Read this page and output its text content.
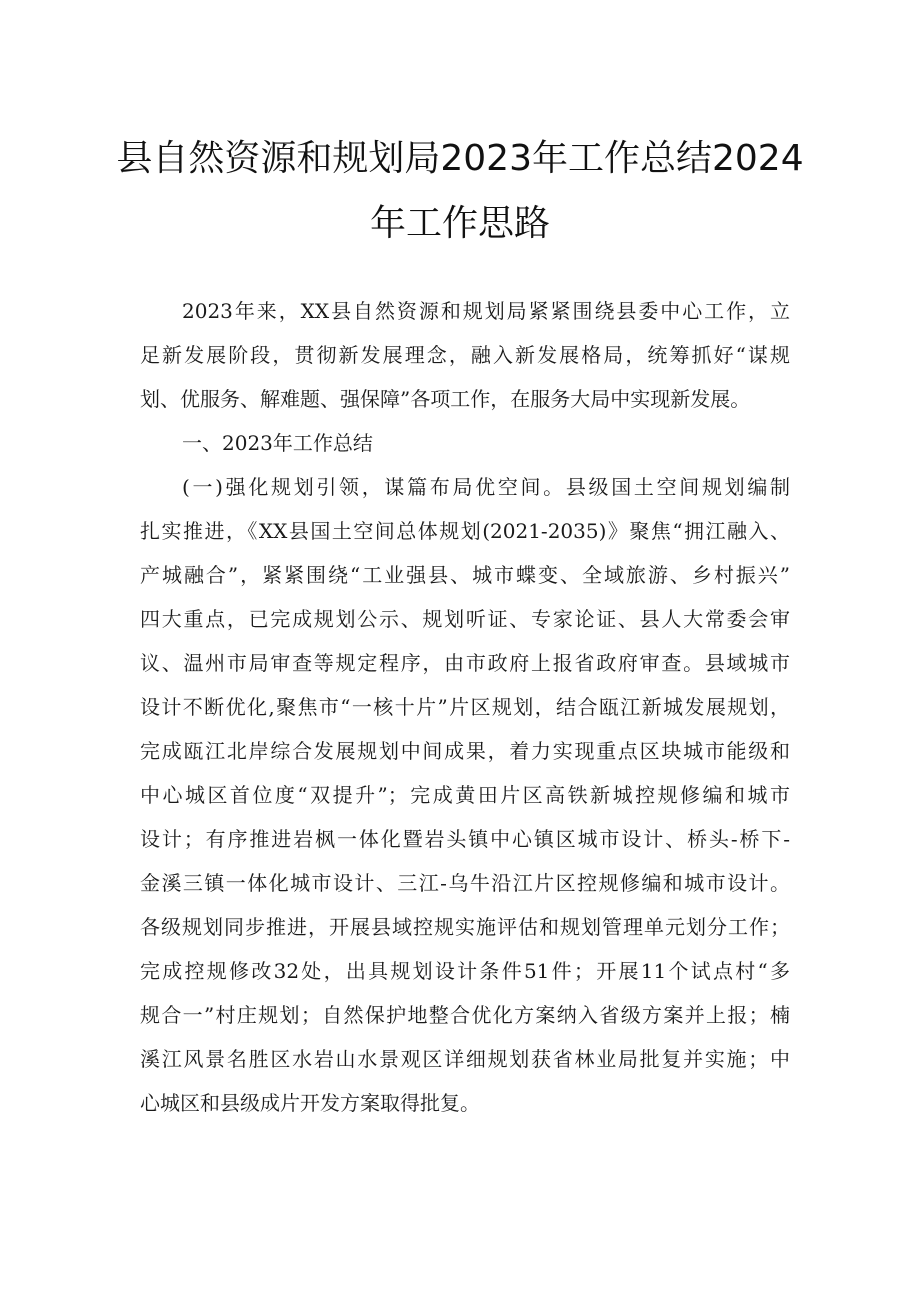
县自然资源和规划局2023年工作总结2024
年工作思路
2023年来，XX县自然资源和规划局紧紧围绕县委中心工作，立
足新发展阶段，贯彻新发展理念，融入新发展格局，统筹抓好“谋规
划、优服务、解难题、强保障”各项工作，在服务大局中实现新发展。
一、2023年工作总结
(一)强化规划引领，谋篇布局优空间。县级国土空间规划编制
扎实推进，《XX县国土空间总体规划(2021-2035)》聚焦“拥江融入、
产城融合”，紧紧围绕“工业强县、城市蝶变、全域旅游、乡村振兴”
四大重点，已完成规划公示、规划听证、专家论证、县人大常委会审
议、温州市局审查等规定程序，由市政府上报省政府审查。县域城市
设计不断优化,聚焦市“一核十片”片区规划，结合瓯江新城发展规划，
完成瓯江北岸综合发展规划中间成果，着力实现重点区块城市能级和
中心城区首位度“双提升”；完成黄田片区高铁新城控规修编和城市
设计；有序推进岩枫一体化暨岩头镇中心镇区城市设计、桥头-桥下-
金溪三镇一体化城市设计、三江-乌牛沿江片区控规修编和城市设计。
各级规划同步推进，开展县域控规实施评估和规划管理单元划分工作；
完成控规修改32处，出具规划设计条件51件；开展11个试点村“多
规合一”村庄规划；自然保护地整合优化方案纳入省级方案并上报；楠
溪江风景名胜区水岩山水景观区详细规划获省林业局批复并实施；中
心城区和县级成片开发方案取得批复。
